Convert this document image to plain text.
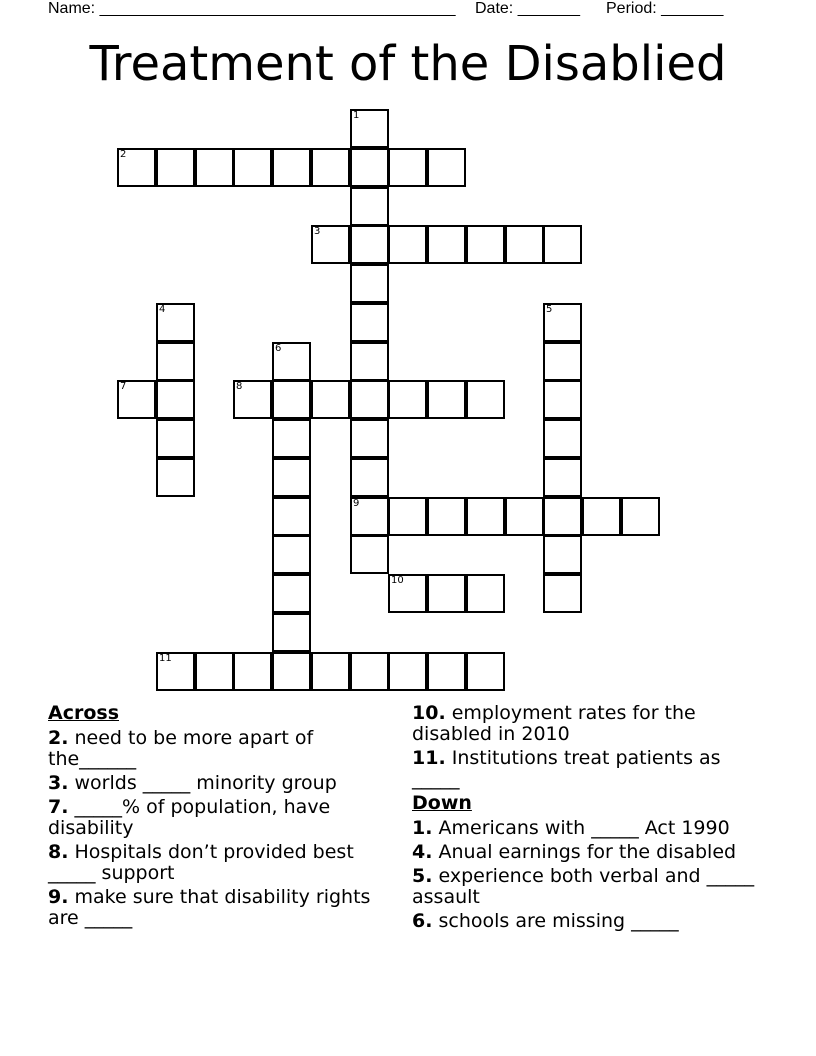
Name: ________________________________________ Date: _______ Period: _______
Treatment of the Disablied
1
9
2
3
4	5
6
7	8
10
11

Across

2. need to be more apart of the______

3. worlds _____ minority group

7. _____% of population, have disability

8. Hospitals don’t provided best _____ support

9. make sure that disability rights are _____

10. employment rates for the disabled in 2010

11. Institutions treat patients as _____

Down

1. Americans with _____ Act 1990

4. Anual earnings for the disabled

5. experience both verbal and _____ assault

6. schools are missing _____
